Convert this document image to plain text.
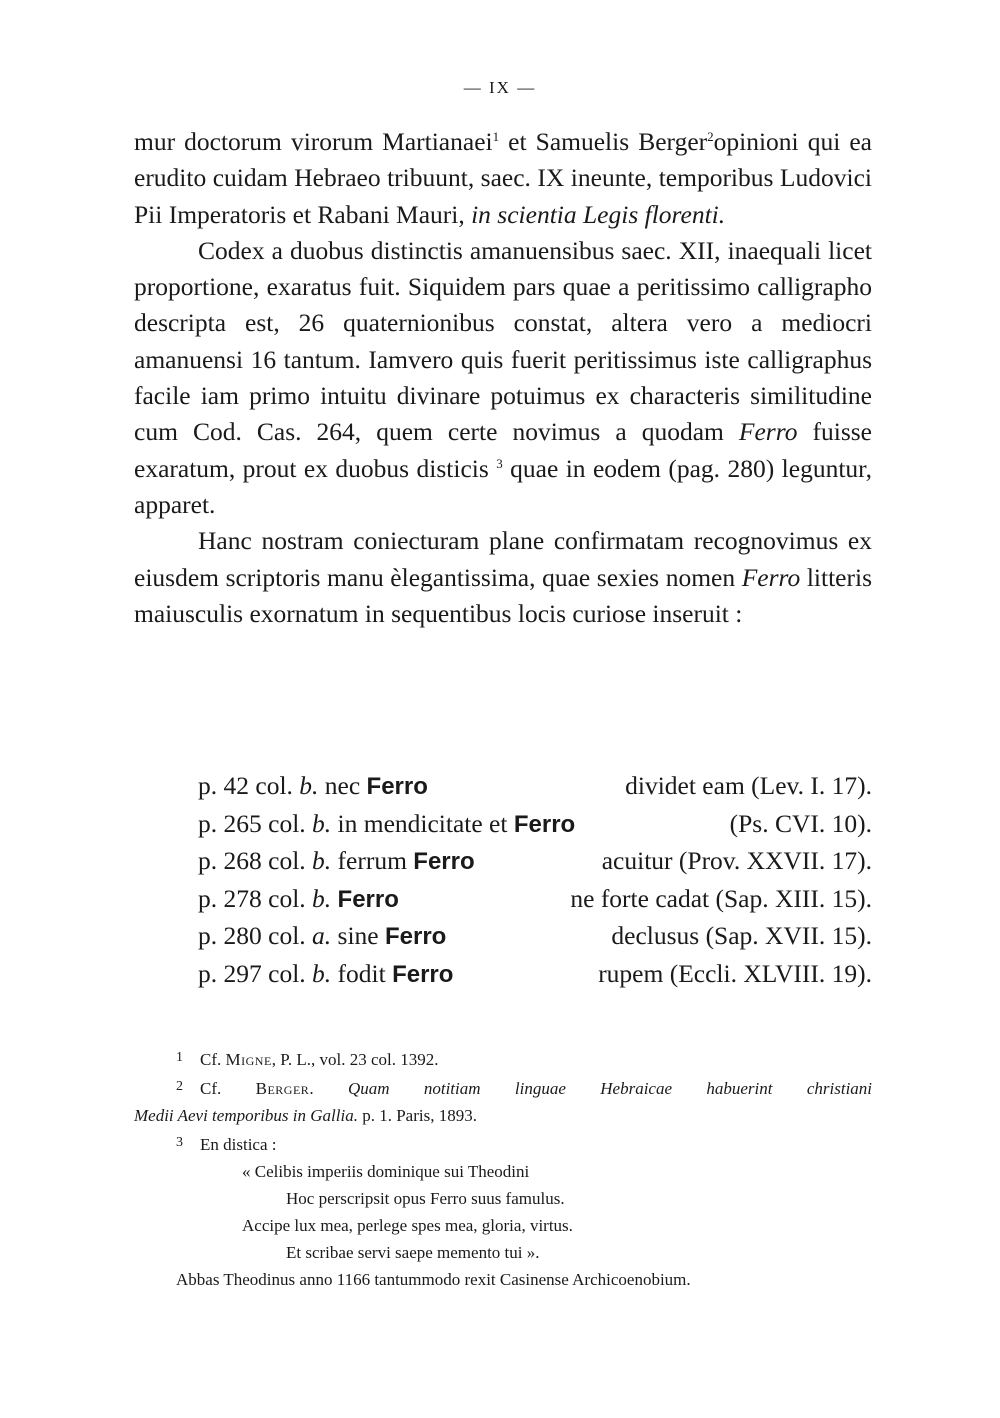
— IX —

mur doctorum virorum Martianaei$^1$ et Samuelis Berger$^2$opinioni qui ea erudito cuidam Hebraeo tribuunt, saec. IX ineunte, temporibus Ludovici Pii Imperatoris et Rabani Mauri, in scientia Legis florenti.

Codex a duobus distinctis amanuensibus saec. XII, inaequali licet proportione, exaratus fuit. Siquidem pars quae a peritissimo calligrapho descripta est, 26 quaternionibus constat, altera vero a mediocri amanuensi 16 tantum. Iamvero quis fuerit peritissimus iste calligraphus facile iam primo intuitu divinare potuimus ex characteris similitudine cum Cod. Cas. 264, quem certe novimus a quodam Ferro fuisse exaratum, prout ex duobus disticis $^3$ quae in eodem (pag. 280) leguntur, apparet.

Hanc nostram coniecturam plane confirmatam recognovimus ex eiusdem scriptoris manu èlegantissima, quae sexies nomen Ferro litteris maiusculis exornatum in sequentibus locis curiose inseruit :

p. 42 col. b. nec Ferro	dividet eam (Lev. I. 17).
p. 265 col. b. in mendicitate et Ferro	(Ps. CVI. 10).
p. 268 col. b. ferrum Ferro	acuitur (Prov. XXVII. 17).
p. 278 col. b. Ferro	ne forte cadat (Sap. XIII. 15).
p. 280 col. a. sine Ferro	declusus (Sap. XVII. 15).
p. 297 col. b. fodit Ferro	rupem (Eccli. XLVIII. 19).
1 Cf. Migne, P. L., vol. 23 col. 1392.
2 Cf. Berger. Quam notitiam linguae Hebraicae habuerint christiani
Medii Aevi temporibus in Gallia. p. 1. Paris, 1893.
3 En distica :
« Celibis imperiis dominique sui Theodini
Hoc perscripsit opus Ferro suus famulus.
Accipe lux mea, perlege spes mea, gloria, virtus.
Et scribae servi saepe memento tui ».
Abbas Theodinus anno 1166 tantummodo rexit Casinense Archicoenobium.
